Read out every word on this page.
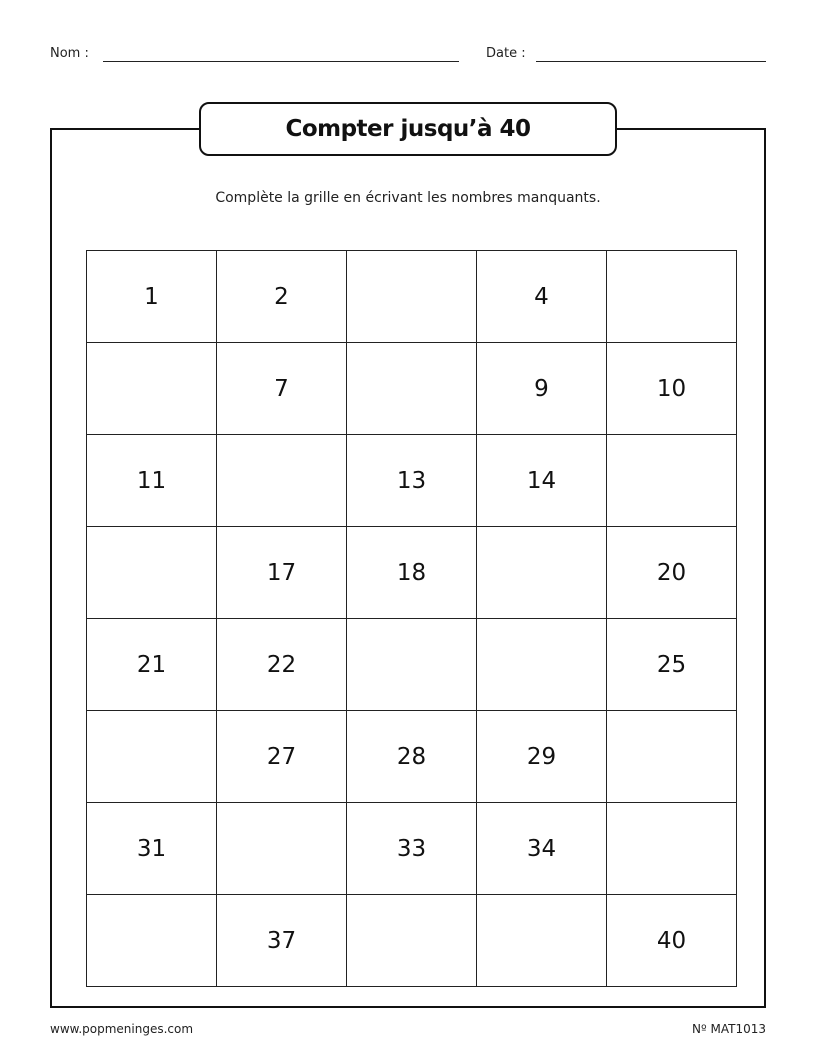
Nom :	Date :
Compter jusqu’à 40
Complète la grille en écrivant les nombres manquants.
1	2		4	
	7		9	10
11		13	14	
	17	18		20
21	22			25
	27	28	29	
31		33	34	
	37			40
www.popmeninges.com	Nº MAT1013
